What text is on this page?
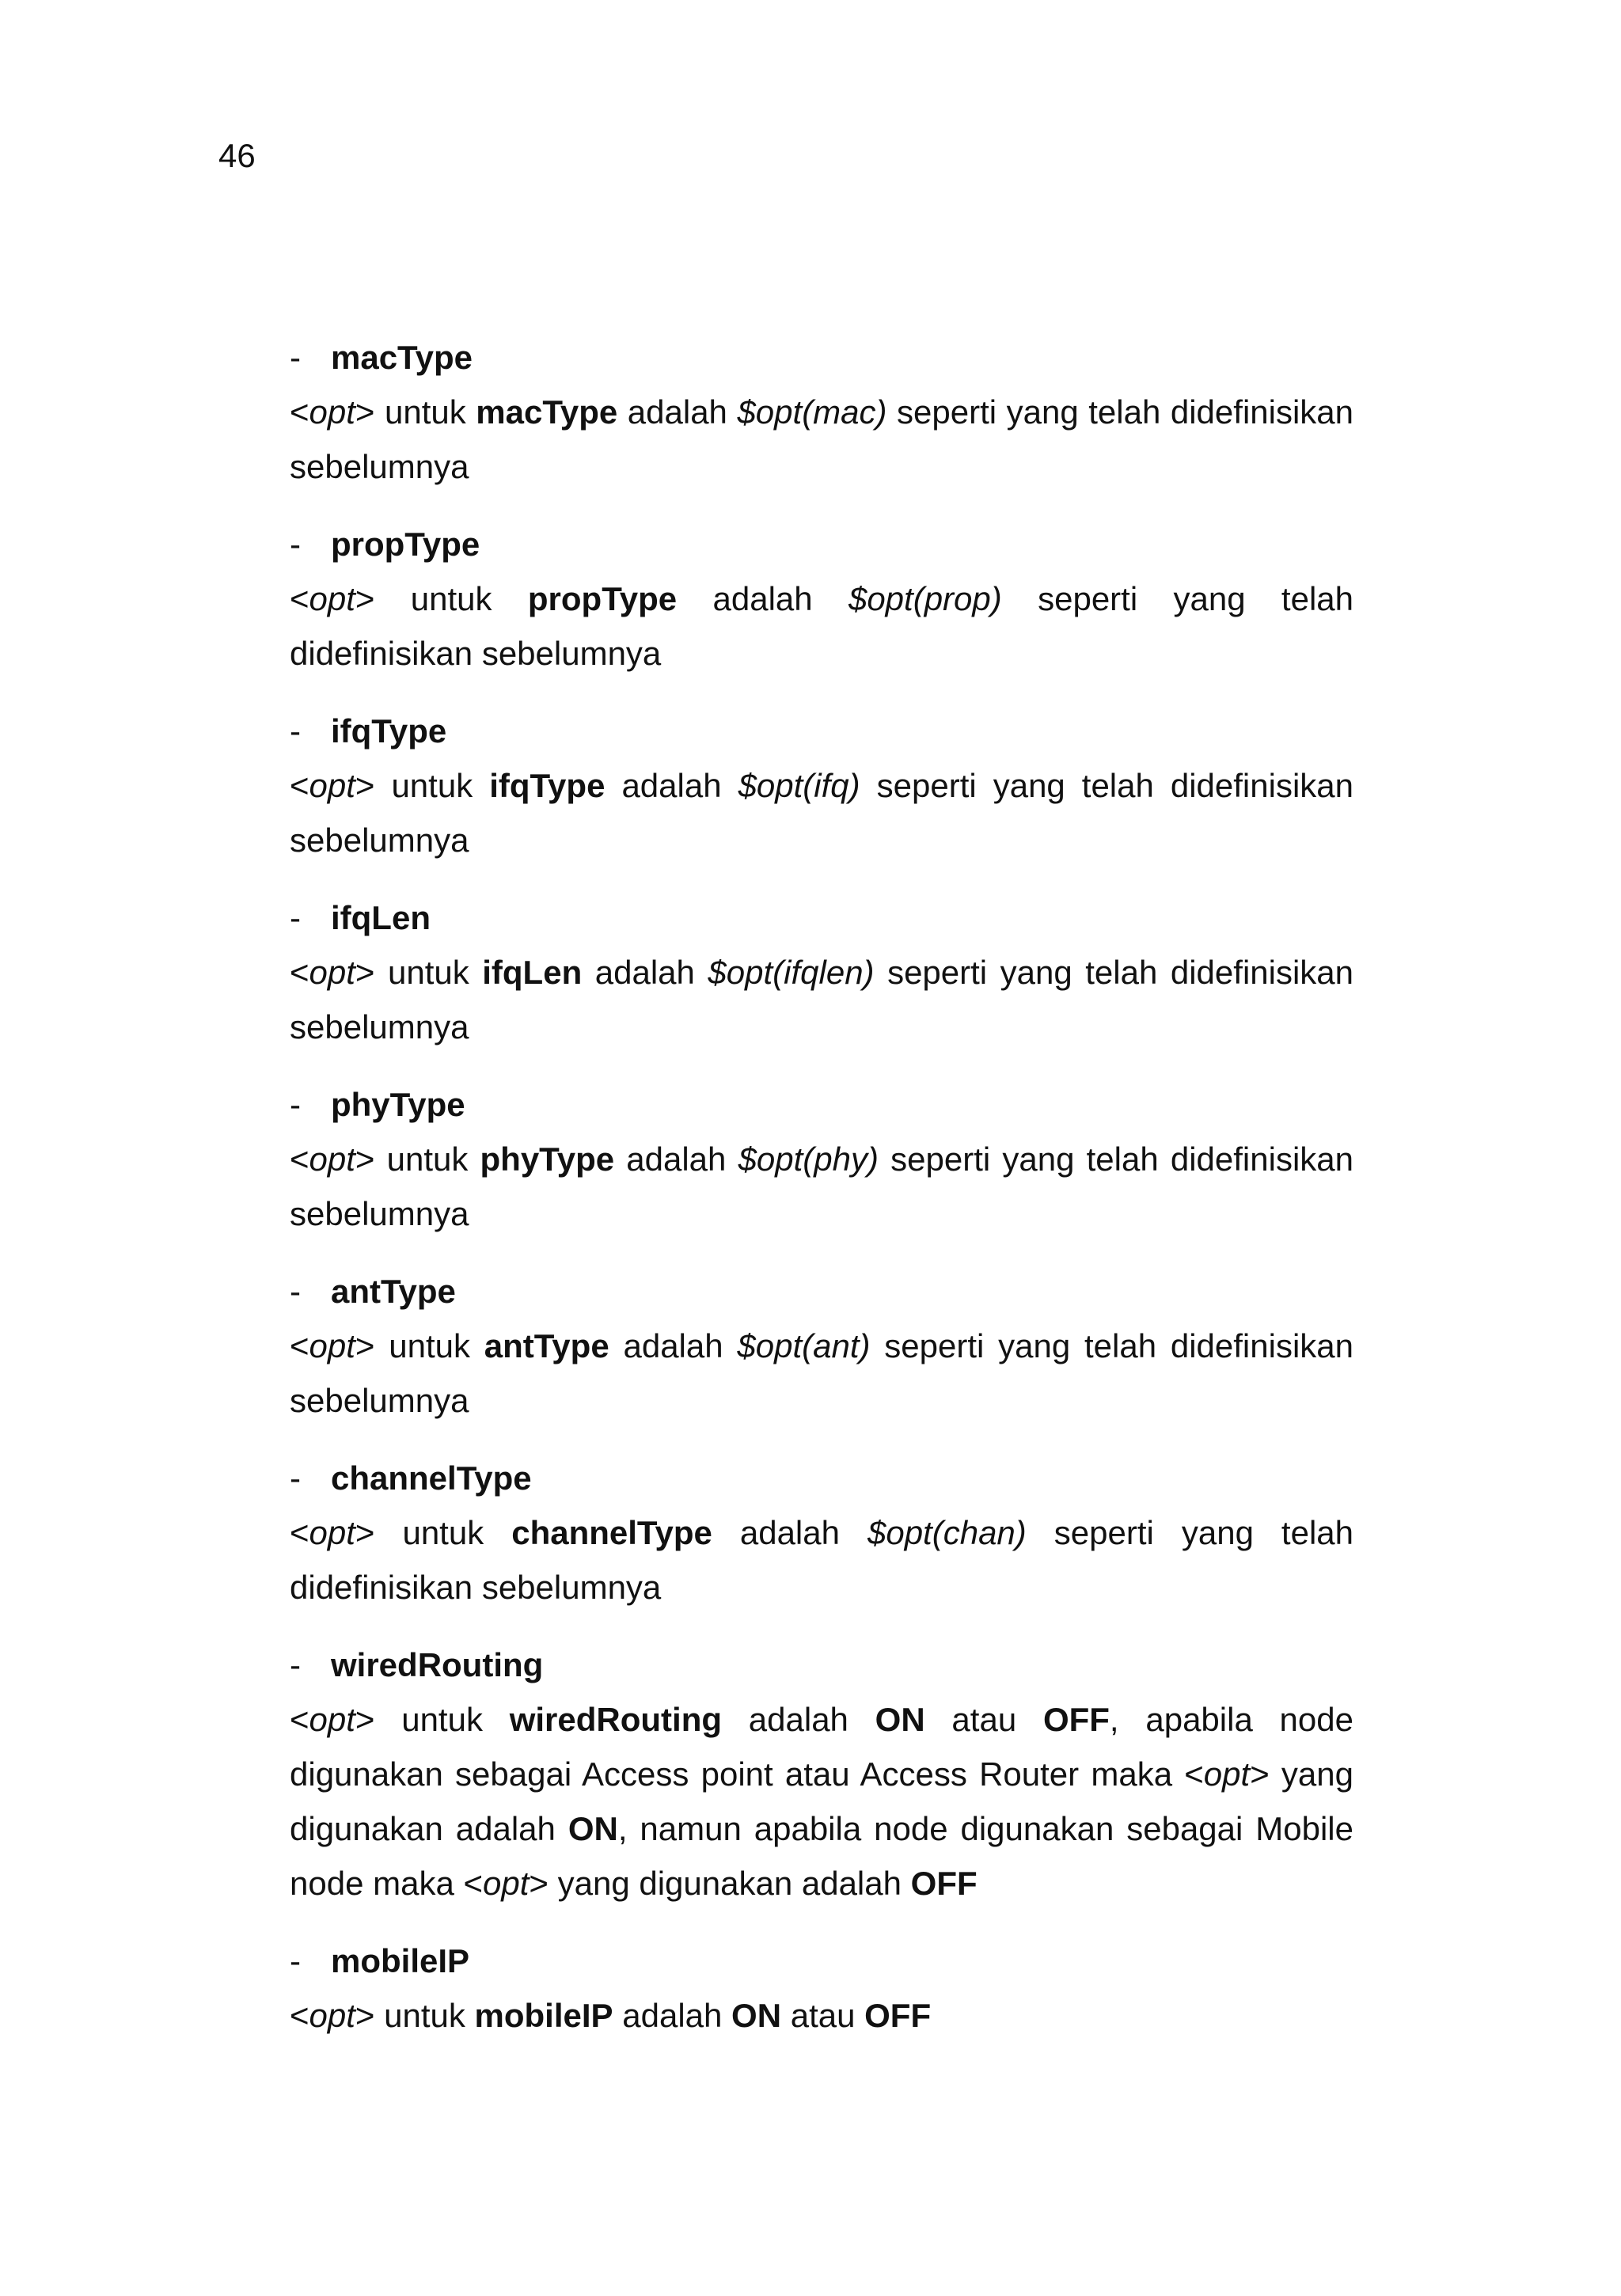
46
- macType
<opt> untuk macType adalah $opt(mac) seperti yang telah didefinisikan sebelumnya
- propType
<opt> untuk propType adalah $opt(prop) seperti yang telah didefinisikan sebelumnya
- ifqType
<opt> untuk ifqType adalah $opt(ifq) seperti yang telah didefinisikan sebelumnya
- ifqLen
<opt> untuk ifqLen adalah $opt(ifqlen) seperti yang telah didefinisikan sebelumnya
- phyType
<opt> untuk phyType adalah $opt(phy) seperti yang telah didefinisikan sebelumnya
- antType
<opt> untuk antType adalah $opt(ant) seperti yang telah didefinisikan sebelumnya
- channelType
<opt> untuk channelType adalah $opt(chan) seperti yang telah didefinisikan sebelumnya
- wiredRouting
<opt> untuk wiredRouting adalah ON atau OFF, apabila node digunakan sebagai Access point atau Access Router maka <opt> yang digunakan adalah ON, namun apabila node digunakan sebagai Mobile node maka <opt> yang digunakan adalah OFF
- mobileIP
<opt> untuk mobileIP adalah ON atau OFF
